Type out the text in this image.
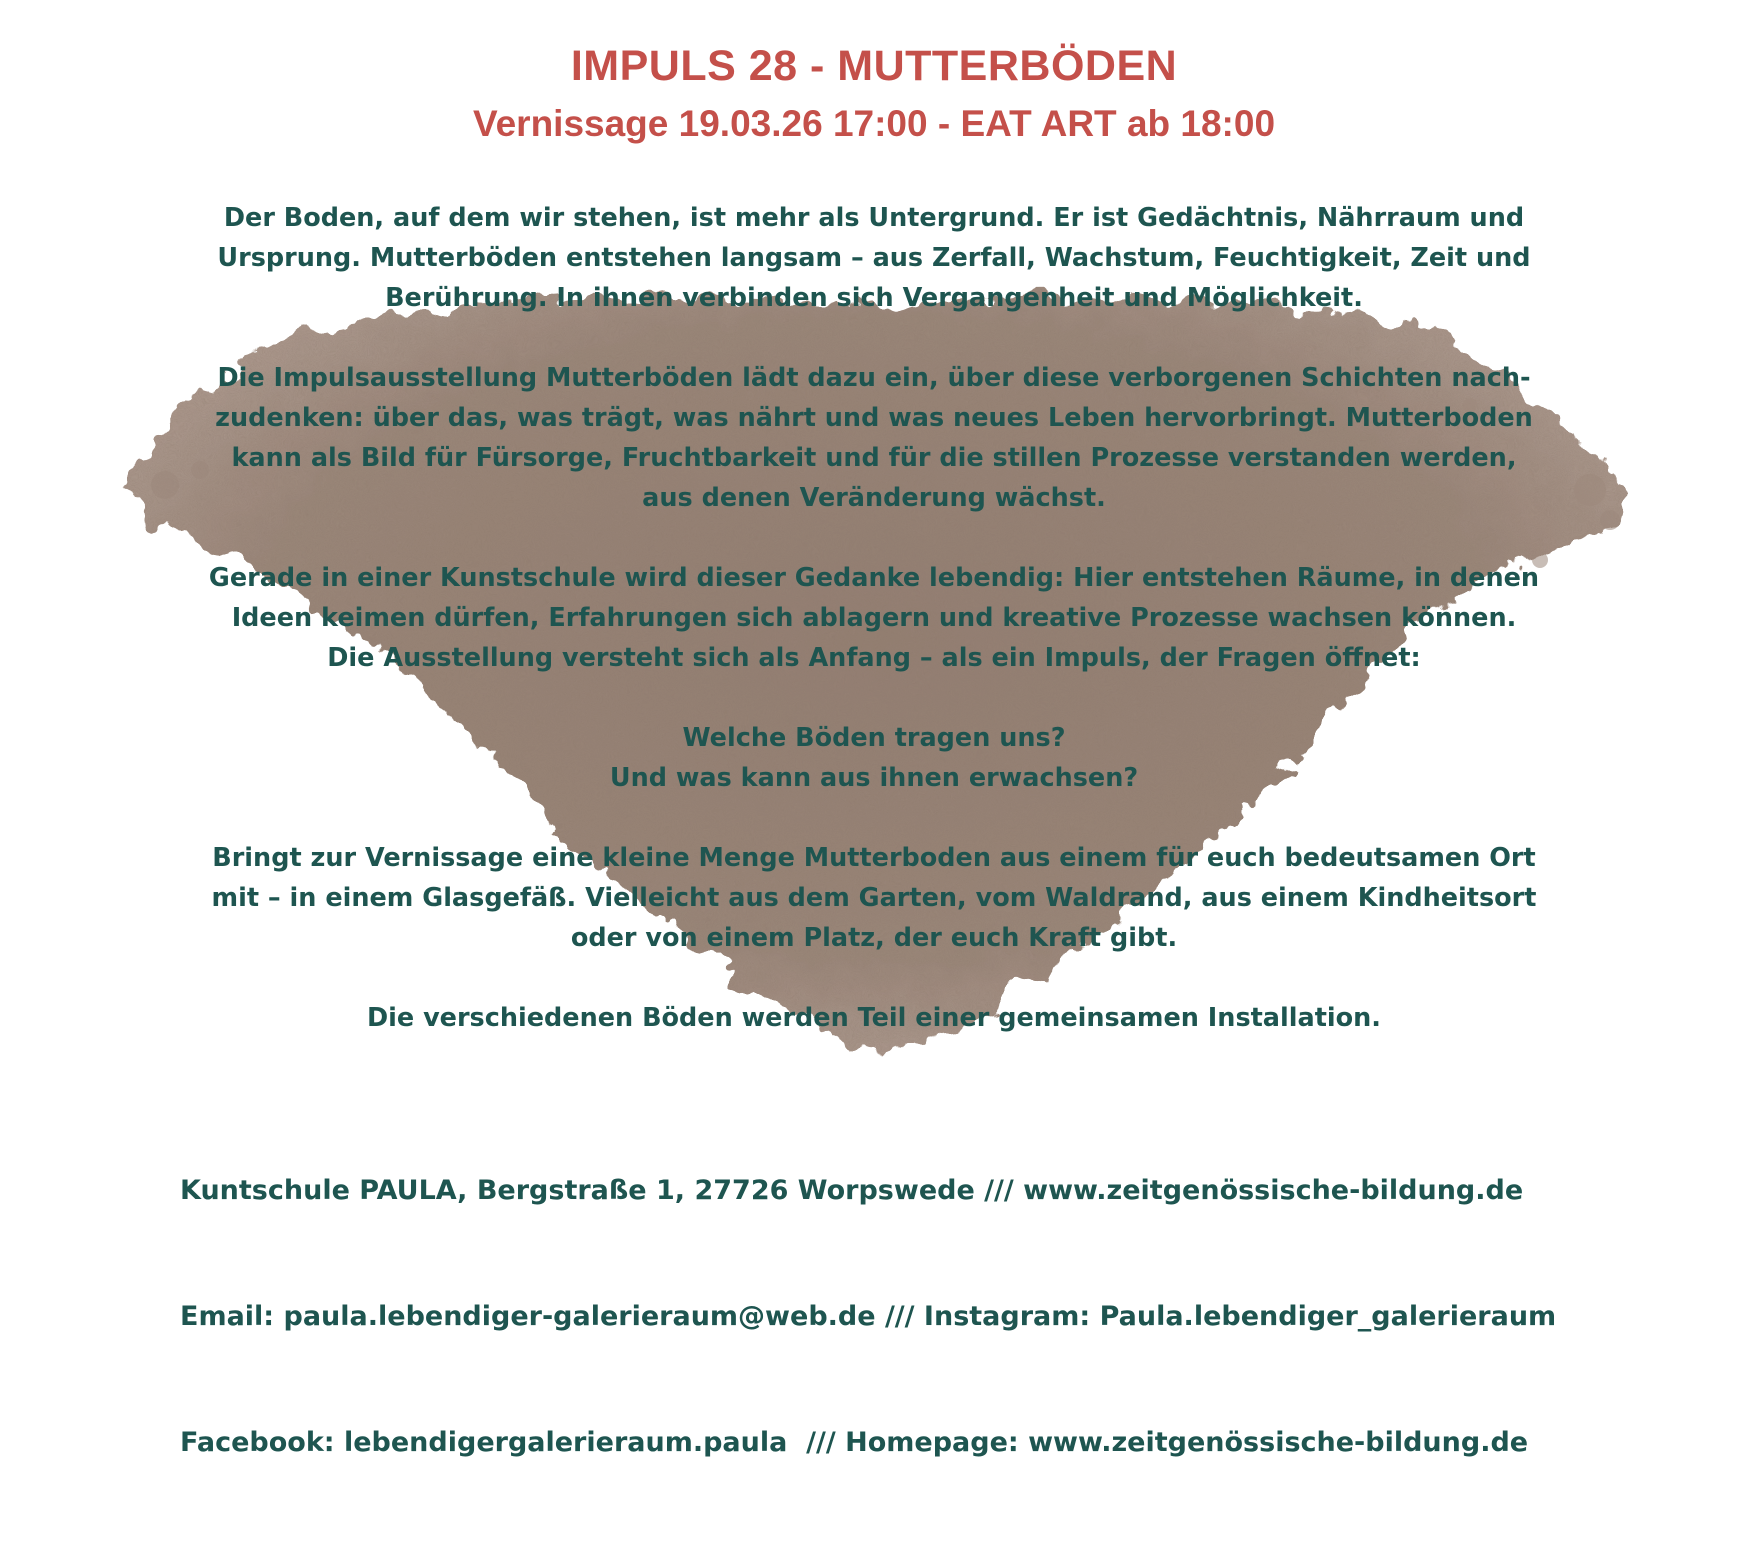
IMPULS 28 - MUTTERBÖDEN
Vernissage 19.03.26 17:00 - EAT ART ab 18:00

Der Boden, auf dem wir stehen, ist mehr als Untergrund. Er ist Gedächtnis, Nährraum und

Ursprung. Mutterböden entstehen langsam – aus Zerfall, Wachstum, Feuchtigkeit, Zeit und

Berührung. In ihnen verbinden sich Vergangenheit und Möglichkeit.

Die Impulsausstellung Mutterböden lädt dazu ein, über diese verborgenen Schichten nach-

zudenken: über das, was trägt, was nährt und was neues Leben hervorbringt. Mutterboden

kann als Bild für Fürsorge, Fruchtbarkeit und für die stillen Prozesse verstanden werden,

aus denen Veränderung wächst.

Gerade in einer Kunstschule wird dieser Gedanke lebendig: Hier entstehen Räume, in denen

Ideen keimen dürfen, Erfahrungen sich ablagern und kreative Prozesse wachsen können.

Die Ausstellung versteht sich als Anfang – als ein Impuls, der Fragen öffnet:

Welche Böden tragen uns?

Und was kann aus ihnen erwachsen?

Bringt zur Vernissage eine kleine Menge Mutterboden aus einem für euch bedeutsamen Ort

mit – in einem Glasgefäß. Vielleicht aus dem Garten, vom Waldrand, aus einem Kindheitsort

oder von einem Platz, der euch Kraft gibt.

Die verschiedenen Böden werden Teil einer gemeinsamen Installation.

Kuntschule PAULA, Bergstraße 1, 27726 Worpswede /// www.zeitgenössische-bildung.de

Email: paula.lebendiger-galerieraum@web.de /// Instagram: Paula.lebendiger_galerieraum

Facebook: lebendigergalerieraum.paula  /// Homepage: www.zeitgenössische-bildung.de
